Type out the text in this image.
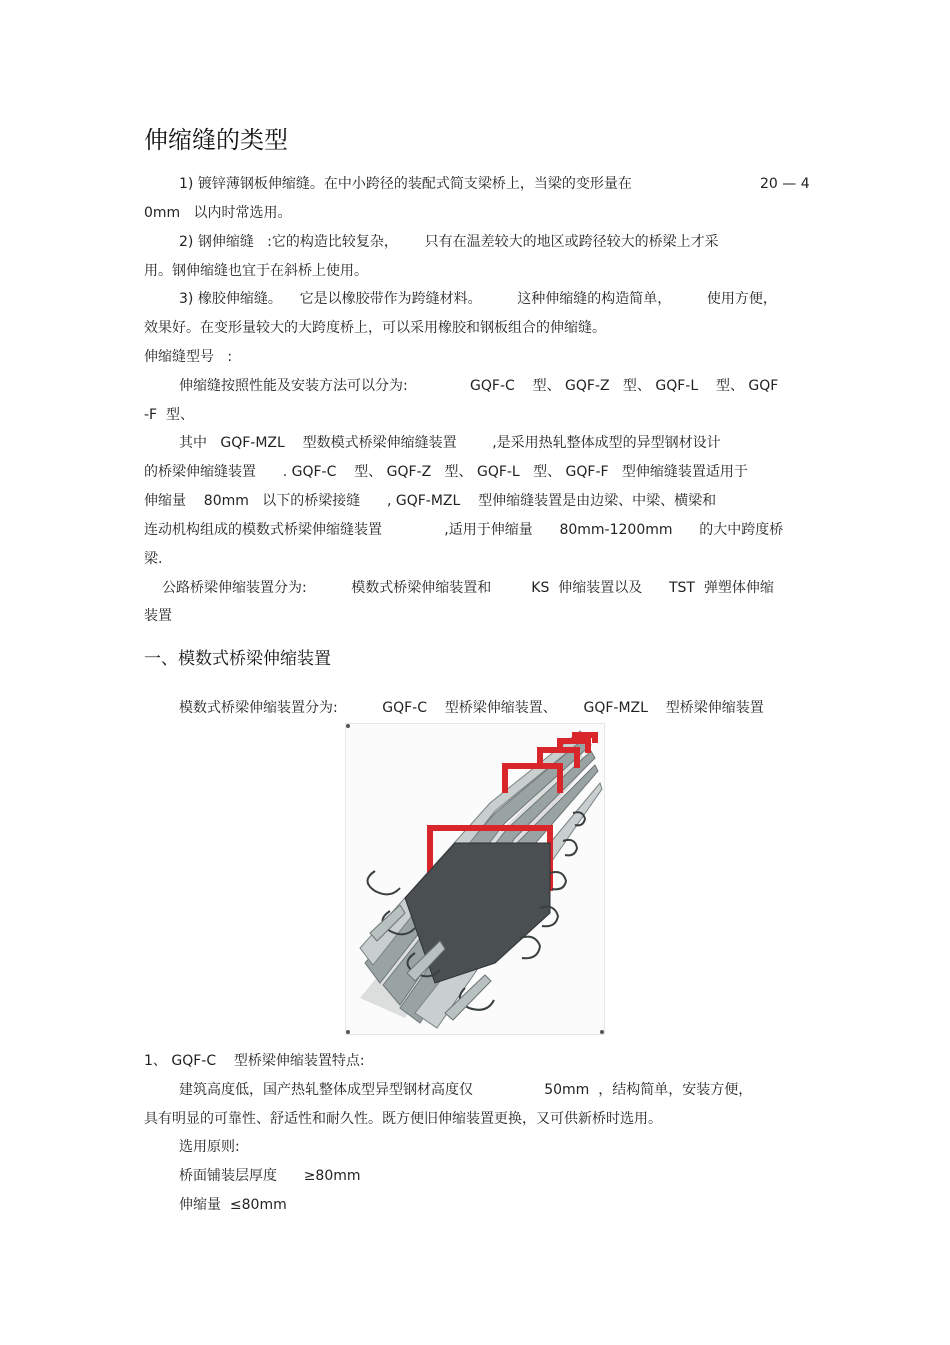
伸缩缝的类型
1) 镀锌薄钢板伸缩缝。在中小跨径的装配式简支梁桥上，当梁的变形量在	20 — 4
0mm   以内时常选用。
2) 钢伸缩缝   :它的构造比较复杂，      只有在温差较大的地区或跨径较大的桥梁上才采
用。钢伸缩缝也宜于在斜桥上使用。
3) 橡胶伸缩缝。    它是以橡胶带作为跨缝材料。        这种伸缩缝的构造简单，        使用方便，
效果好。在变形量较大的大跨度桥上，可以采用橡胶和钢板组合的伸缩缝。
伸缩缝型号   :
伸缩缝按照性能及安装方法可以分为:              GQF-C    型、 GQF-Z   型、 GQF-L    型、 GQF
-F  型、
其中   GQF-MZL    型数模式桥梁伸缩缝装置        ,是采用热轧整体成型的异型钢材设计
的桥梁伸缩缝装置      . GQF-C    型、 GQF-Z   型、 GQF-L   型、 GQF-F   型伸缩缝装置适用于
伸缩量    80mm   以下的桥梁接缝      , GQF-MZL    型伸缩缝装置是由边梁、中梁、横梁和
连动机构组成的模数式桥梁伸缩缝装置              ,适用于伸缩量      80mm-1200mm      的大中跨度桥
梁.
公路桥梁伸缩装置分为:          模数式桥梁伸缩装置和         KS  伸缩装置以及      TST  弹塑体伸缩
装置
一、模数式桥梁伸缩装置
模数式桥梁伸缩装置分为:          GQF-C    型桥梁伸缩装置、      GQF-MZL    型桥梁伸缩装置
1、 GQF-C    型桥梁伸缩装置特点:
建筑高度低，国产热轧整体成型异型钢材高度仅                50mm  ，结构简单，安装方便，
具有明显的可靠性、舒适性和耐久性。既方便旧伸缩装置更换，又可供新桥时选用。
选用原则:
桥面铺装层厚度      ≥80mm
伸缩量  ≤80mm
